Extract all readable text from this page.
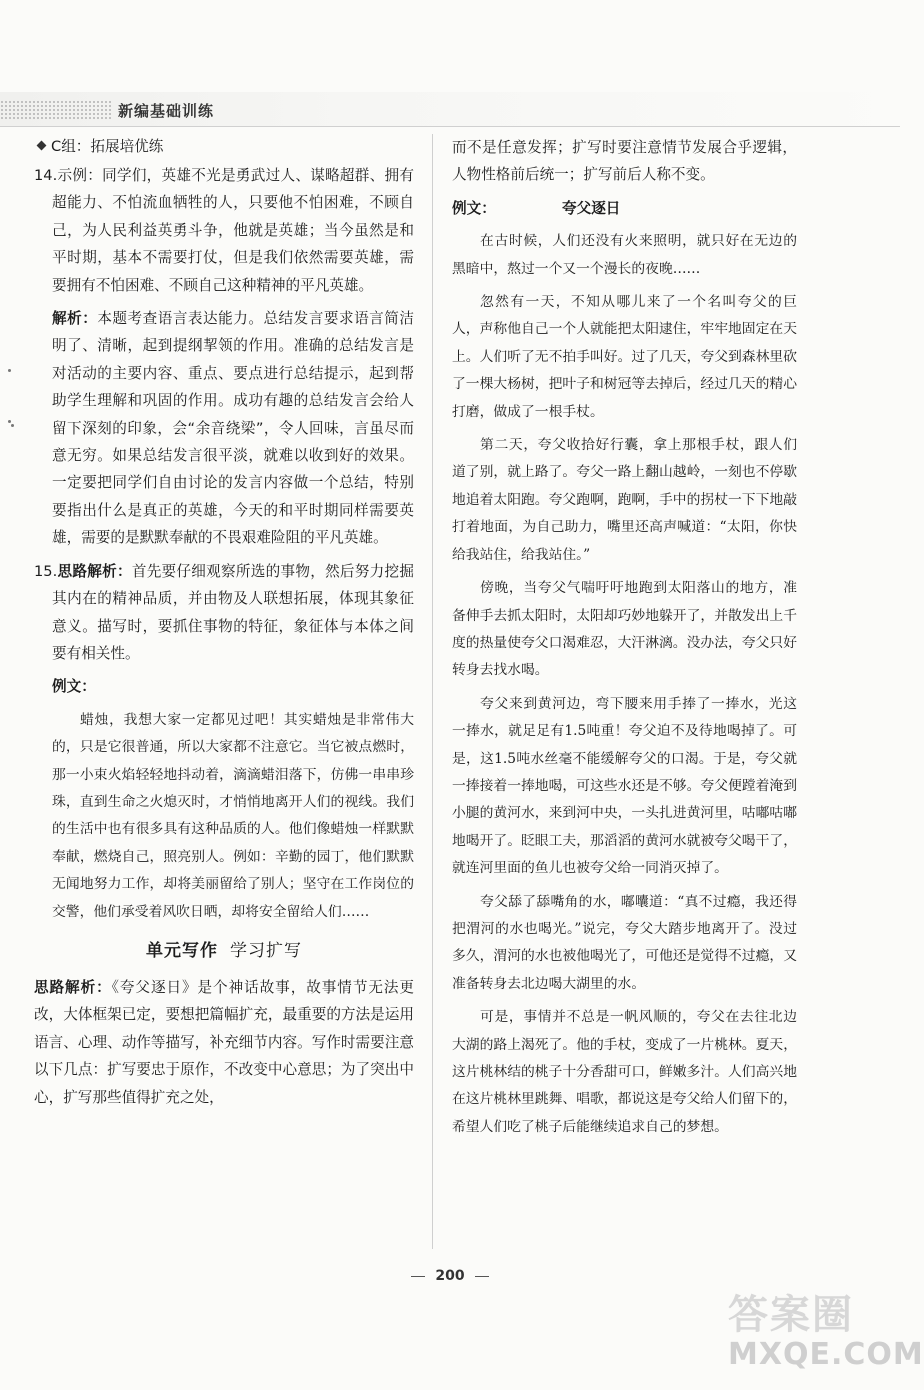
新编基础训练
C组：拓展培优练

14.示例：同学们，英雄不光是勇武过人、谋略超群、拥有超能力、不怕流血牺牲的人，只要他不怕困难，不顾自己，为人民利益英勇斗争，他就是英雄；当今虽然是和平时期，基本不需要打仗，但是我们依然需要英雄，需要拥有不怕困难、不顾自己这种精神的平凡英雄。

解析：本题考查语言表达能力。总结发言要求语言简洁明了、清晰，起到提纲挈领的作用。准确的总结发言是对活动的主要内容、重点、要点进行总结提示，起到帮助学生理解和巩固的作用。成功有趣的总结发言会给人留下深刻的印象，会“余音绕梁”，令人回味，言虽尽而意无穷。如果总结发言很平淡，就难以收到好的效果。一定要把同学们自由讨论的发言内容做一个总结，特别要指出什么是真正的英雄，今天的和平时期同样需要英雄，需要的是默默奉献的不畏艰难险阻的平凡英雄。

15.思路解析：首先要仔细观察所选的事物，然后努力挖掘其内在的精神品质，并由物及人联想拓展，体现其象征意义。描写时，要抓住事物的特征，象征体与本体之间要有相关性。

例文：

蜡烛，我想大家一定都见过吧！其实蜡烛是非常伟大的，只是它很普通，所以大家都不注意它。当它被点燃时，那一小束火焰轻轻地抖动着，滴滴蜡泪落下，仿佛一串串珍珠，直到生命之火熄灭时，才悄悄地离开人们的视线。我们的生活中也有很多具有这种品质的人。他们像蜡烛一样默默奉献，燃烧自己，照亮别人。例如：辛勤的园丁，他们默默无闻地努力工作，却将美丽留给了别人；坚守在工作岗位的交警，他们承受着风吹日晒，却将安全留给人们……

单元写作 学习扩写

思路解析：《夸父逐日》是个神话故事，故事情节无法更改，大体框架已定，要想把篇幅扩充，最重要的方法是运用语言、心理、动作等描写，补充细节内容。写作时需要注意以下几点：扩写要忠于原作，不改变中心意思；为了突出中心，扩写那些值得扩充之处，

而不是任意发挥；扩写时要注意情节发展合乎逻辑，人物性格前后统一；扩写前后人称不变。

例文：	夸父逐日

在古时候，人们还没有火来照明，就只好在无边的黑暗中，熬过一个又一个漫长的夜晚……

忽然有一天，不知从哪儿来了一个名叫夸父的巨人，声称他自己一个人就能把太阳逮住，牢牢地固定在天上。人们听了无不拍手叫好。过了几天，夸父到森林里砍了一棵大杨树，把叶子和树冠等去掉后，经过几天的精心打磨，做成了一根手杖。

第二天，夸父收拾好行囊，拿上那根手杖，跟人们道了别，就上路了。夸父一路上翻山越岭，一刻也不停歇地追着太阳跑。夸父跑啊，跑啊，手中的拐杖一下下地敲打着地面，为自己助力，嘴里还高声喊道：“太阳，你快给我站住，给我站住。”

傍晚，当夸父气喘吁吁地跑到太阳落山的地方，准备伸手去抓太阳时，太阳却巧妙地躲开了，并散发出上千度的热量使夸父口渴难忍，大汗淋漓。没办法，夸父只好转身去找水喝。

夸父来到黄河边，弯下腰来用手捧了一捧水，光这一捧水，就足足有1.5吨重！夸父迫不及待地喝掉了。可是，这1.5吨水丝毫不能缓解夸父的口渴。于是，夸父就一捧接着一捧地喝，可这些水还是不够。夸父便蹚着淹到小腿的黄河水，来到河中央，一头扎进黄河里，咕嘟咕嘟地喝开了。眨眼工夫，那滔滔的黄河水就被夸父喝干了，就连河里面的鱼儿也被夸父给一同消灭掉了。

夸父舔了舔嘴角的水，嘟囔道：“真不过瘾，我还得把渭河的水也喝光。”说完，夸父大踏步地离开了。没过多久，渭河的水也被他喝光了，可他还是觉得不过瘾，又准备转身去北边喝大湖里的水。

可是，事情并不总是一帆风顺的，夸父在去往北边大湖的路上渴死了。他的手杖，变成了一片桃林。夏天，这片桃林结的桃子十分香甜可口，鲜嫩多汁。人们高兴地在这片桃林里跳舞、唱歌，都说这是夸父给人们留下的，希望人们吃了桃子后能继续追求自己的梦想。

200
答案圈
MXQE.COM
